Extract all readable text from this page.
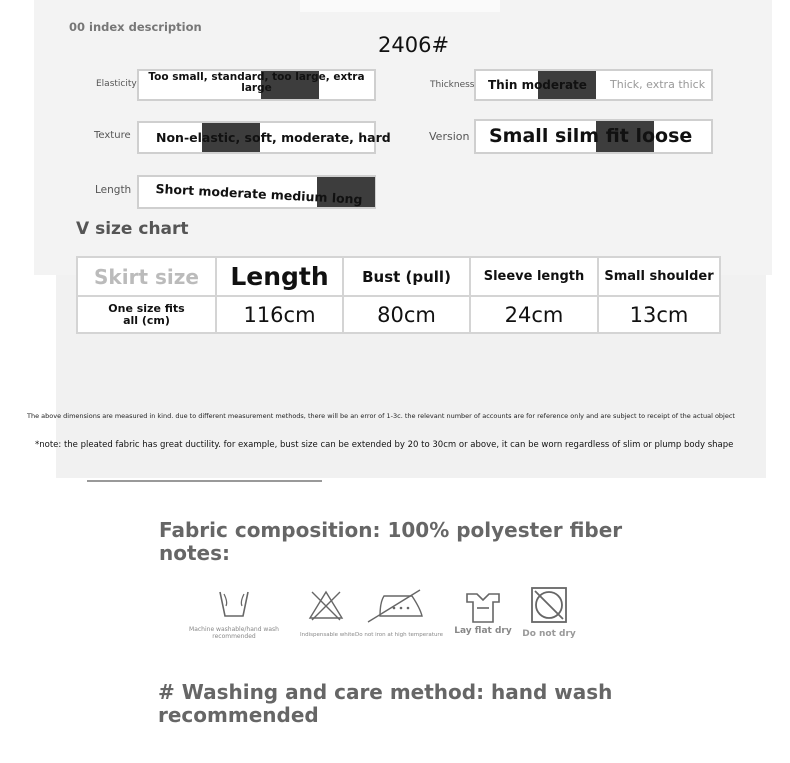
00 index description
2406#
Elasticity
Too small, standard, too large, extra large	Thickness Thin moderate Thick, extra thick
Texture Non-elastic, soft, moderate, hard	Version Small silm fit loose
Length Short moderate medium long
V size chart
Skirt size	Length	Bust (pull)	Sleeve length	Small shoulder
One size fits all (cm)	116cm	80cm	24cm	13cm
The above dimensions are measured in kind. due to different measurement methods, there will be an error of 1-3c. the relevant number of accounts are for reference only and are subject to receipt of the actual object
*note: the pleated fabric has great ductility. for example, bust size can be extended by 20 to 30cm or above, it can be worn regardless of slim or plump body shape
Fabric composition: 100% polyester fiber
notes:
Machine washable/hand wash recommended	Indispensable white Do not iron at high temperature Lay flat dry	Do not dry
# Washing and care method: hand wash recommended
